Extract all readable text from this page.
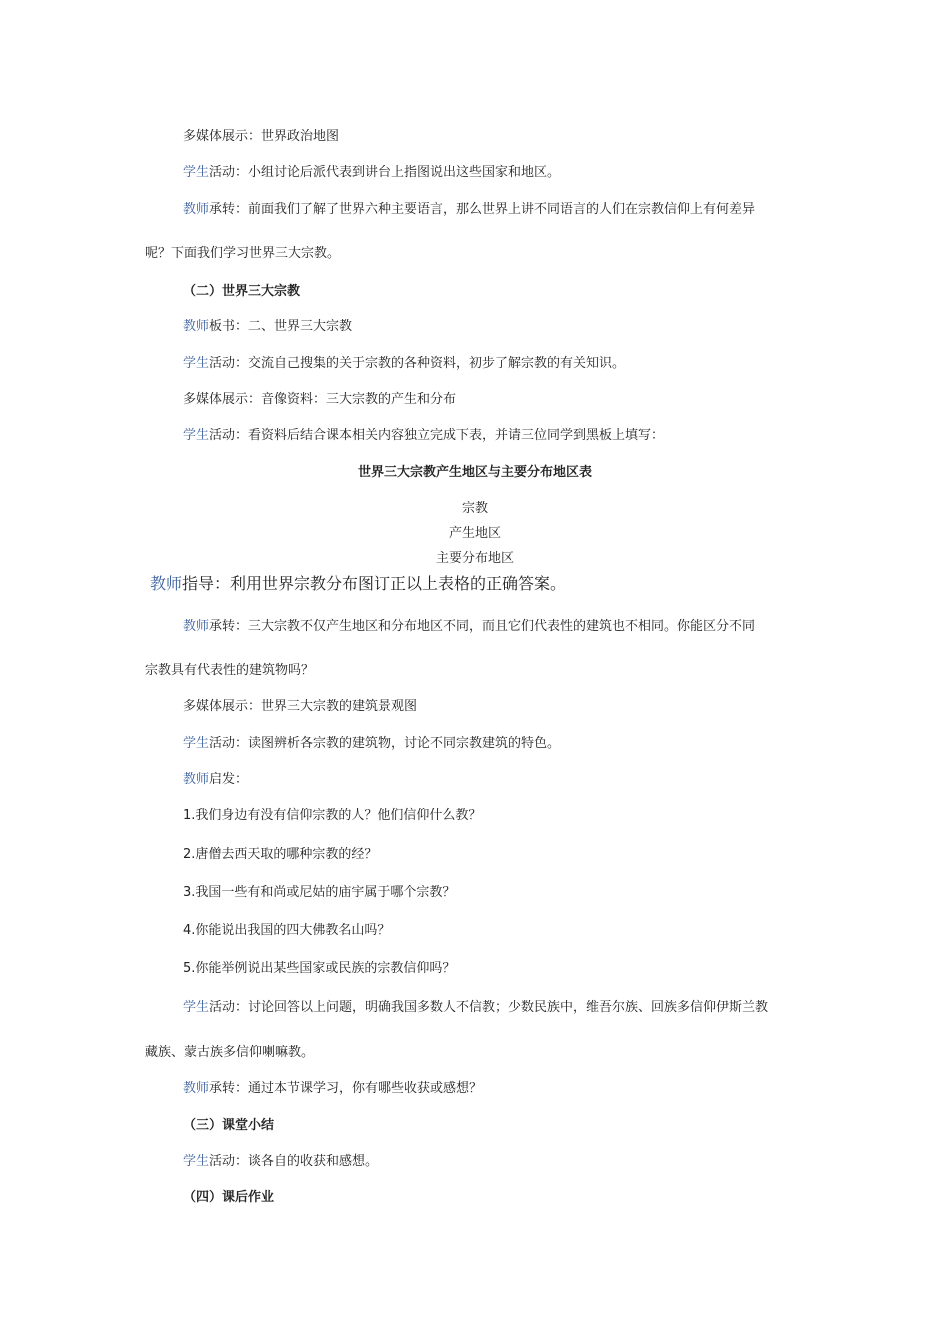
多媒体展示：世界政治地图
学生活动：小组讨论后派代表到讲台上指图说出这些国家和地区。
教师承转：前面我们了解了世界六种主要语言，那么世界上讲不同语言的人们在宗教信仰上有何差异
呢？下面我们学习世界三大宗教。
（二）世界三大宗教
教师板书：二、世界三大宗教
学生活动：交流自己搜集的关于宗教的各种资料，初步了解宗教的有关知识。
多媒体展示：音像资料：三大宗教的产生和分布
学生活动：看资料后结合课本相关内容独立完成下表，并请三位同学到黑板上填写：
世界三大宗教产生地区与主要分布地区表
宗教
产生地区
主要分布地区
教师指导：利用世界宗教分布图订正以上表格的正确答案。
教师承转：三大宗教不仅产生地区和分布地区不同，而且它们代表性的建筑也不相同。你能区分不同
宗教具有代表性的建筑物吗？
多媒体展示：世界三大宗教的建筑景观图
学生活动：读图辨析各宗教的建筑物，讨论不同宗教建筑的特色。
教师启发：
1.我们身边有没有信仰宗教的人？他们信仰什么教？
2.唐僧去西天取的哪种宗教的经？
3.我国一些有和尚或尼姑的庙宇属于哪个宗教？
4.你能说出我国的四大佛教名山吗？
5.你能举例说出某些国家或民族的宗教信仰吗？
学生活动：讨论回答以上问题，明确我国多数人不信教；少数民族中，维吾尔族、回族多信仰伊斯兰教
藏族、蒙古族多信仰喇嘛教。
教师承转：通过本节课学习，你有哪些收获或感想？
（三）课堂小结
学生活动：谈各自的收获和感想。
（四）课后作业
